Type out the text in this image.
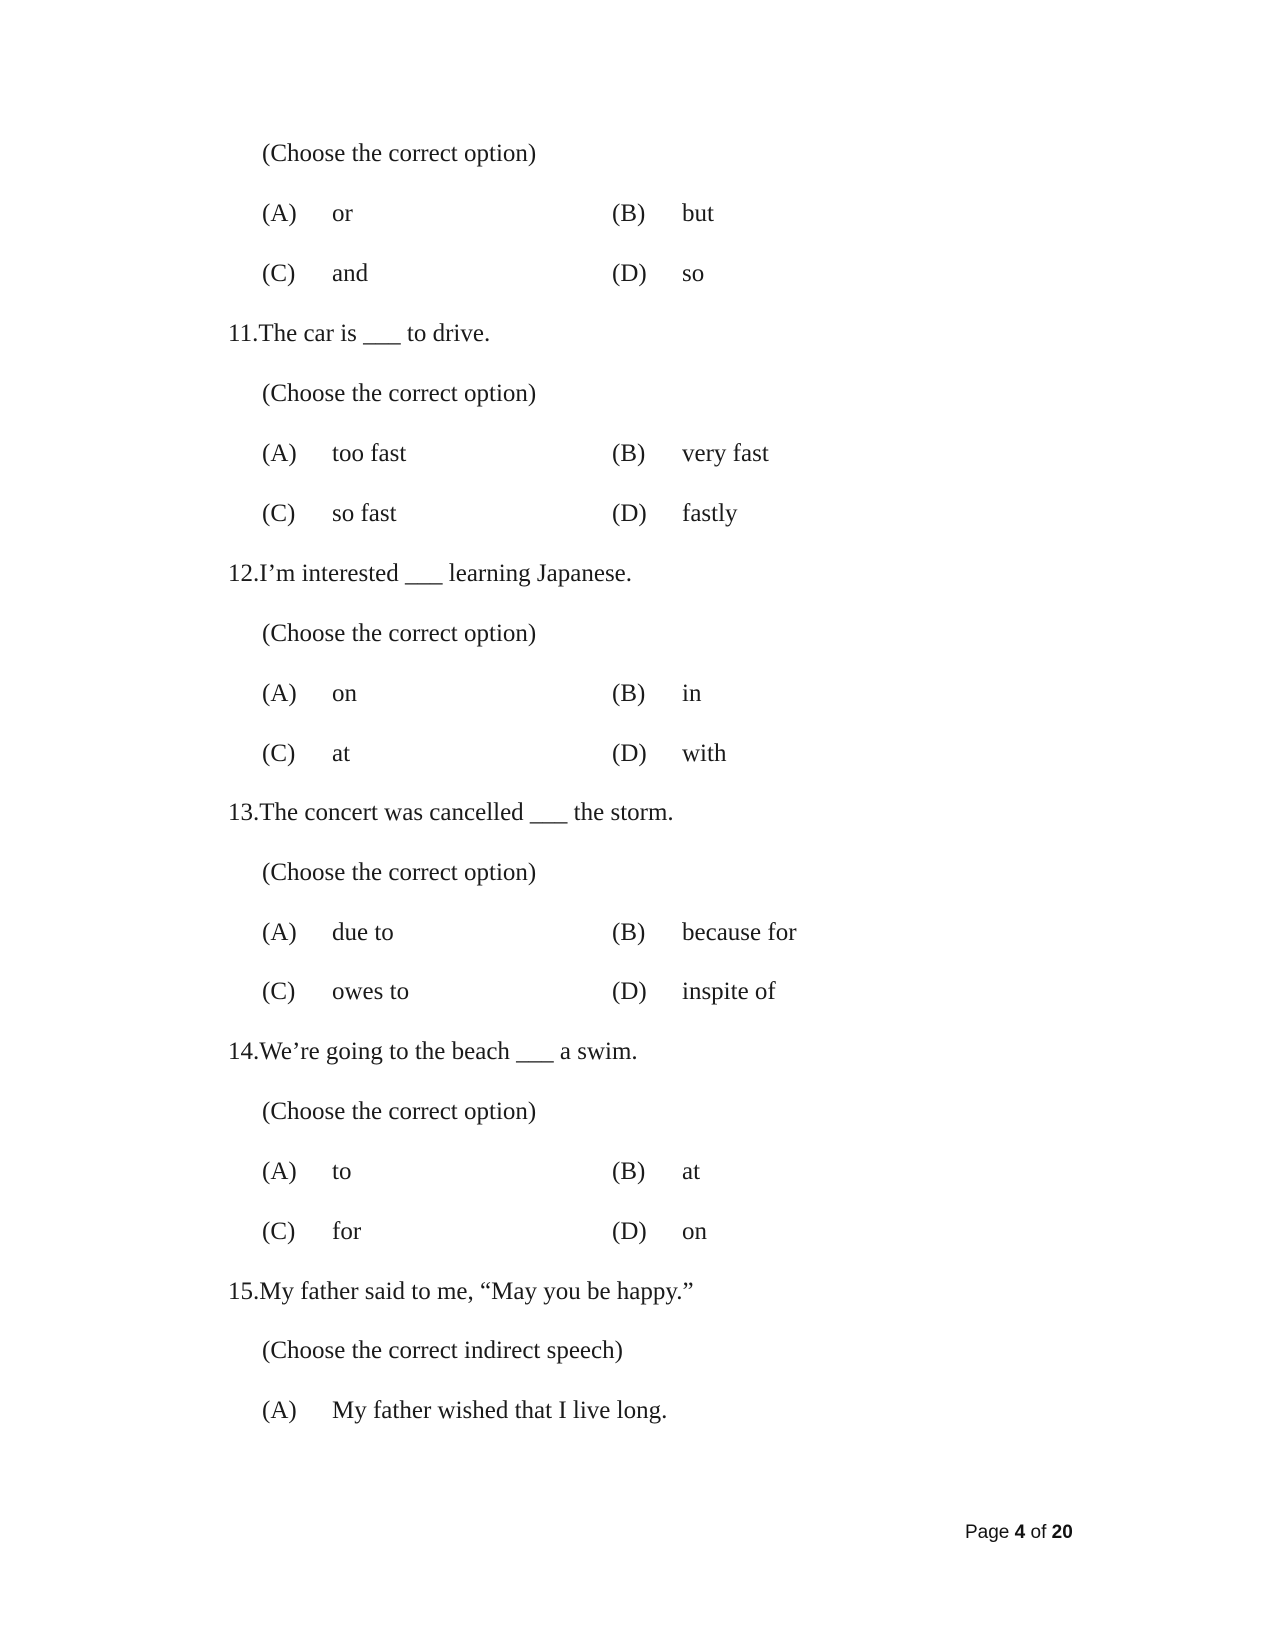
(Choose the correct option)
(A) or	(B) but
(C) and	(D) so
11.The car is ___ to drive.
(Choose the correct option)
(A) too fast	(B) very fast
(C) so fast	(D) fastly
12.I’m interested ___ learning Japanese.
(Choose the correct option)
(A) on	(B) in
(C) at	(D) with
13.The concert was cancelled ___ the storm.
(Choose the correct option)
(A) due to	(B) because for
(C) owes to	(D) inspite of
14.We’re going to the beach ___ a swim.
(Choose the correct option)
(A) to	(B) at
(C) for	(D) on
15.My father said to me, “May you be happy.”
(Choose the correct indirect speech)
(A) My father wished that I live long.
Page 4 of 20
